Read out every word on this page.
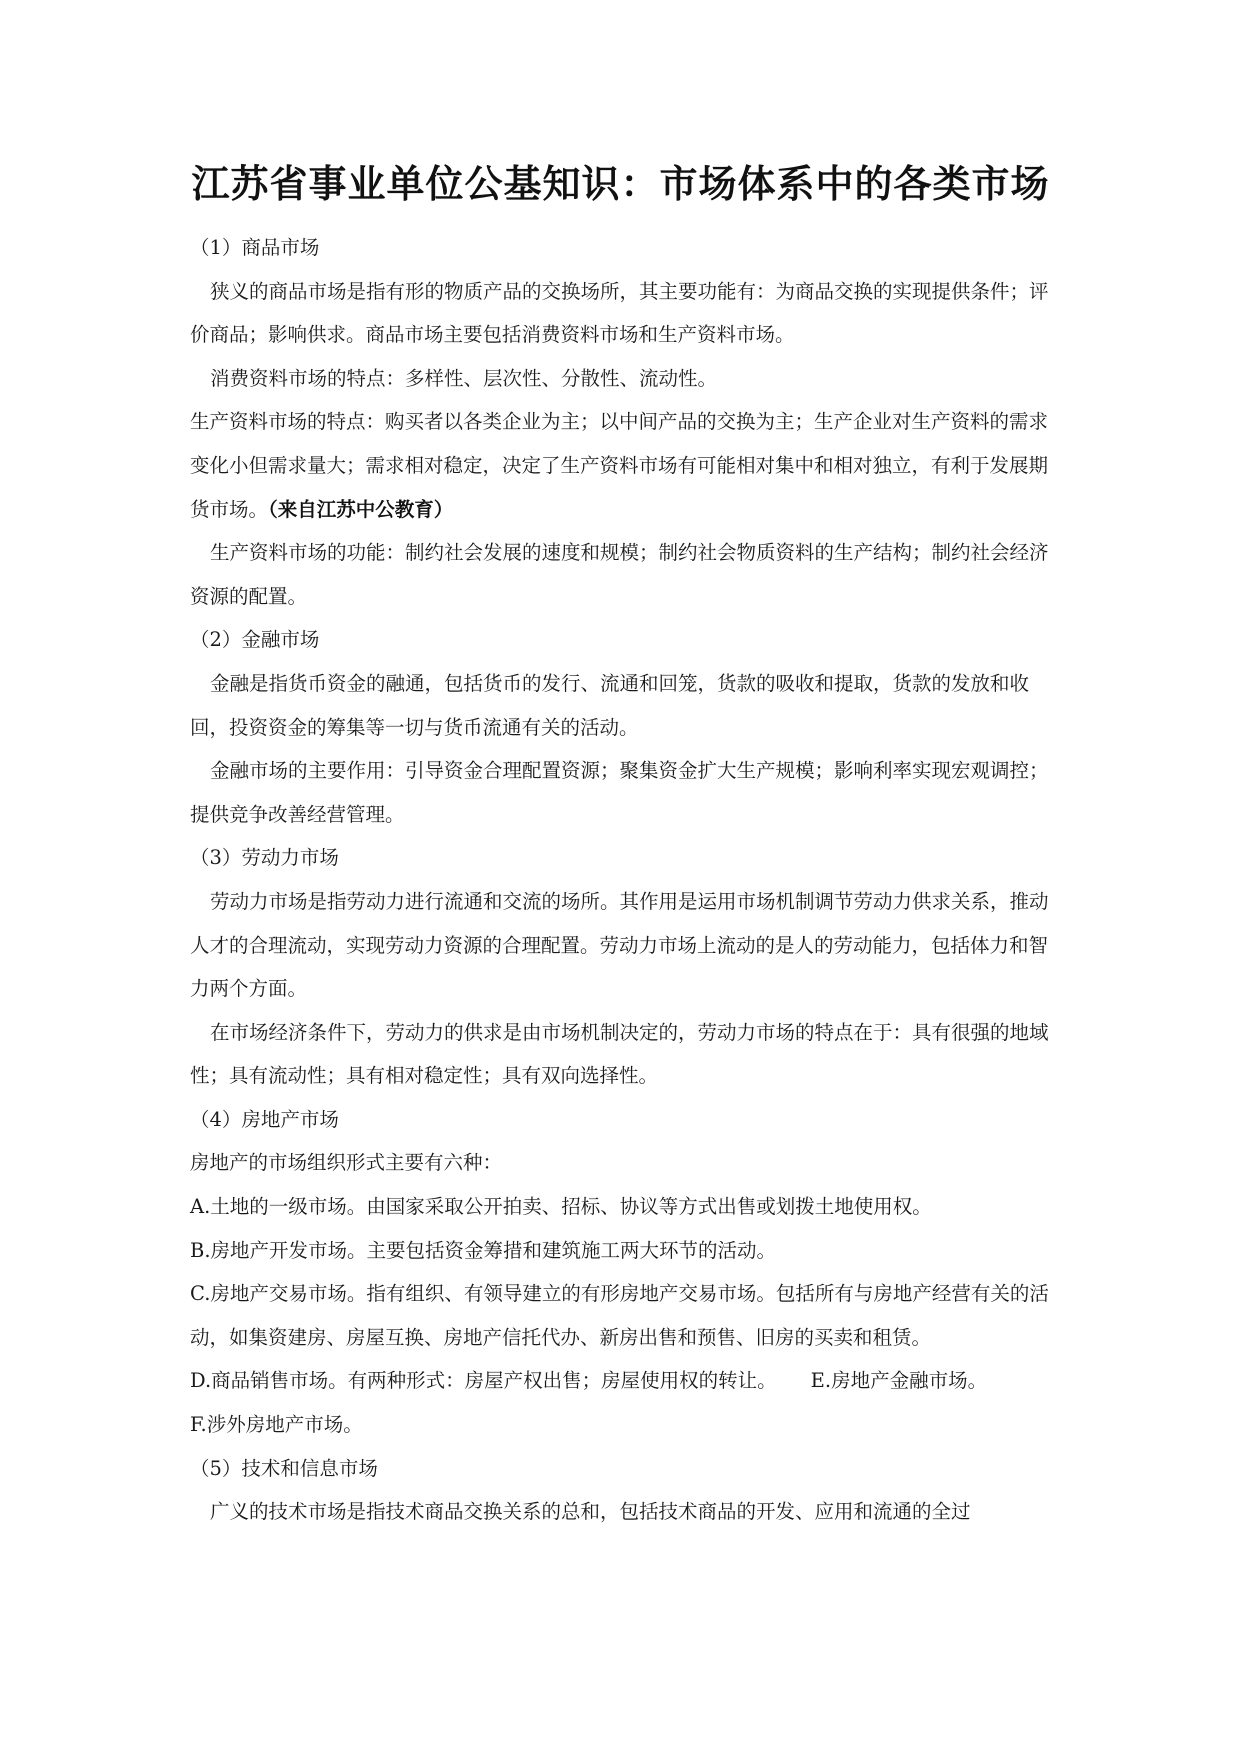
江苏省事业单位公基知识：市场体系中的各类市场

（1）商品市场

狭义的商品市场是指有形的物质产品的交换场所，其主要功能有：为商品交换的实现提供条件；评价商品；影响供求。商品市场主要包括消费资料市场和生产资料市场。

消费资料市场的特点：多样性、层次性、分散性、流动性。

生产资料市场的特点：购买者以各类企业为主；以中间产品的交换为主；生产企业对生产资料的需求变化小但需求量大；需求相对稳定，决定了生产资料市场有可能相对集中和相对独立，有利于发展期货市场。（来自江苏中公教育）

生产资料市场的功能：制约社会发展的速度和规模；制约社会物质资料的生产结构；制约社会经济资源的配置。

（2）金融市场

金融是指货币资金的融通，包括货币的发行、流通和回笼，货款的吸收和提取，货款的发放和收回，投资资金的筹集等一切与货币流通有关的活动。

金融市场的主要作用：引导资金合理配置资源；聚集资金扩大生产规模；影响利率实现宏观调控；提供竞争改善经营管理。

（3）劳动力市场

劳动力市场是指劳动力进行流通和交流的场所。其作用是运用市场机制调节劳动力供求关系，推动人才的合理流动，实现劳动力资源的合理配置。劳动力市场上流动的是人的劳动能力，包括体力和智力两个方面。

在市场经济条件下，劳动力的供求是由市场机制决定的，劳动力市场的特点在于：具有很强的地域性；具有流动性；具有相对稳定性；具有双向选择性。

（4）房地产市场

房地产的市场组织形式主要有六种：

A.土地的一级市场。由国家采取公开拍卖、招标、协议等方式出售或划拨土地使用权。

B.房地产开发市场。主要包括资金筹措和建筑施工两大环节的活动。

C.房地产交易市场。指有组织、有领导建立的有形房地产交易市场。包括所有与房地产经营有关的活动，如集资建房、房屋互换、房地产信托代办、新房出售和预售、旧房的买卖和租赁。

D.商品销售市场。有两种形式：房屋产权出售；房屋使用权的转让。 E.房地产金融市场。

F.涉外房地产市场。

（5）技术和信息市场

广义的技术市场是指技术商品交换关系的总和，包括技术商品的开发、应用和流通的全过
